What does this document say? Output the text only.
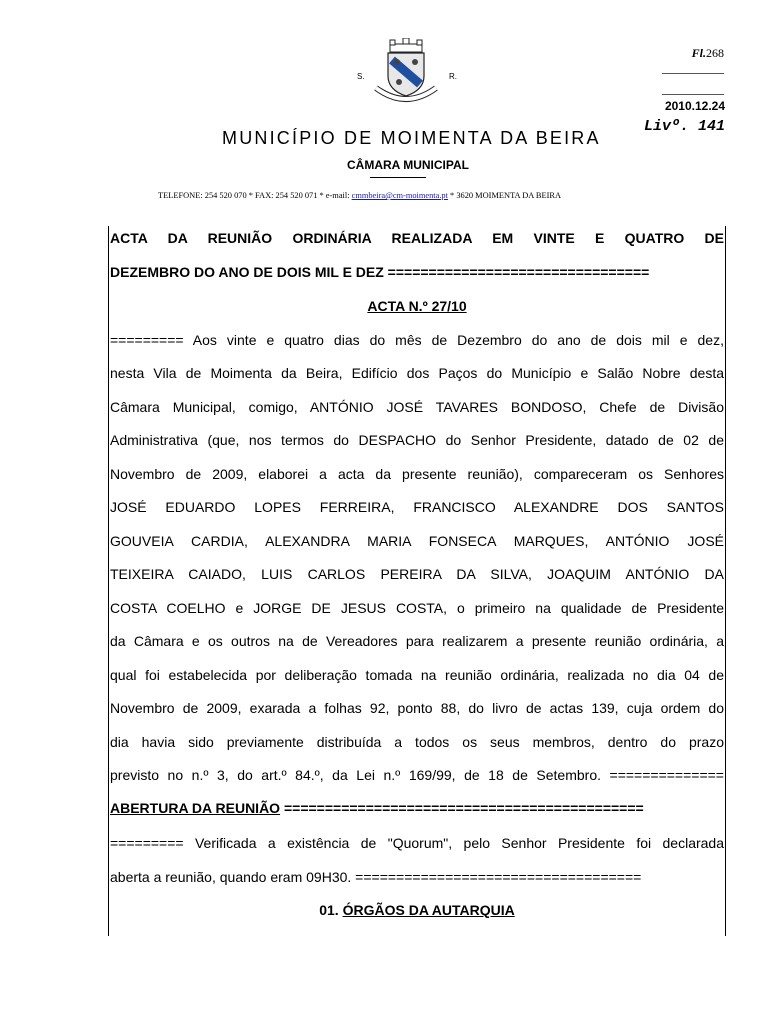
S.	R.
Fl.268
2010.12.24
Livº. 141
MUNICÍPIO DE MOIMENTA DA BEIRA
CÂMARA MUNICIPAL
TELEFONE: 254 520 070 * FAX: 254 520 071 * e-mail: cmmbeira@cm-moimenta.pt * 3620 MOIMENTA DA BEIRA
ACTA DA REUNIÃO ORDINÁRIA REALIZADA EM VINTE E QUATRO DE
DEZEMBRO DO ANO DE DOIS MIL E DEZ ================================
ACTA N.º 27/10
========= Aos vinte e quatro dias do mês de Dezembro do ano de dois mil e dez,
nesta Vila de Moimenta da Beira, Edifício dos Paços do Município e Salão Nobre desta
Câmara Municipal, comigo, ANTÓNIO JOSÉ TAVARES BONDOSO, Chefe de Divisão
Administrativa (que, nos termos do DESPACHO do Senhor Presidente, datado de 02 de
Novembro de 2009, elaborei a acta da presente reunião), compareceram os Senhores
JOSÉ EDUARDO LOPES FERREIRA, FRANCISCO ALEXANDRE DOS SANTOS
GOUVEIA CARDIA, ALEXANDRA MARIA FONSECA MARQUES, ANTÓNIO JOSÉ
TEIXEIRA CAIADO, LUIS CARLOS PEREIRA DA SILVA, JOAQUIM ANTÓNIO DA
COSTA COELHO e JORGE DE JESUS COSTA, o primeiro na qualidade de Presidente
da Câmara e os outros na de Vereadores para realizarem a presente reunião ordinária, a
qual foi estabelecida por deliberação tomada na reunião ordinária, realizada no dia 04 de
Novembro de 2009, exarada a folhas 92, ponto 88, do livro de actas 139, cuja ordem do
dia havia sido previamente distribuída a todos os seus membros, dentro do prazo
previsto no n.º 3, do art.º 84.º, da Lei n.º 169/99, de 18 de Setembro. ==============
ABERTURA DA REUNIÃO ============================================
========= Verificada a existência de "Quorum", pelo Senhor Presidente foi declarada
aberta a reunião, quando eram 09H30. ===================================
01. ÓRGÃOS DA AUTARQUIA
